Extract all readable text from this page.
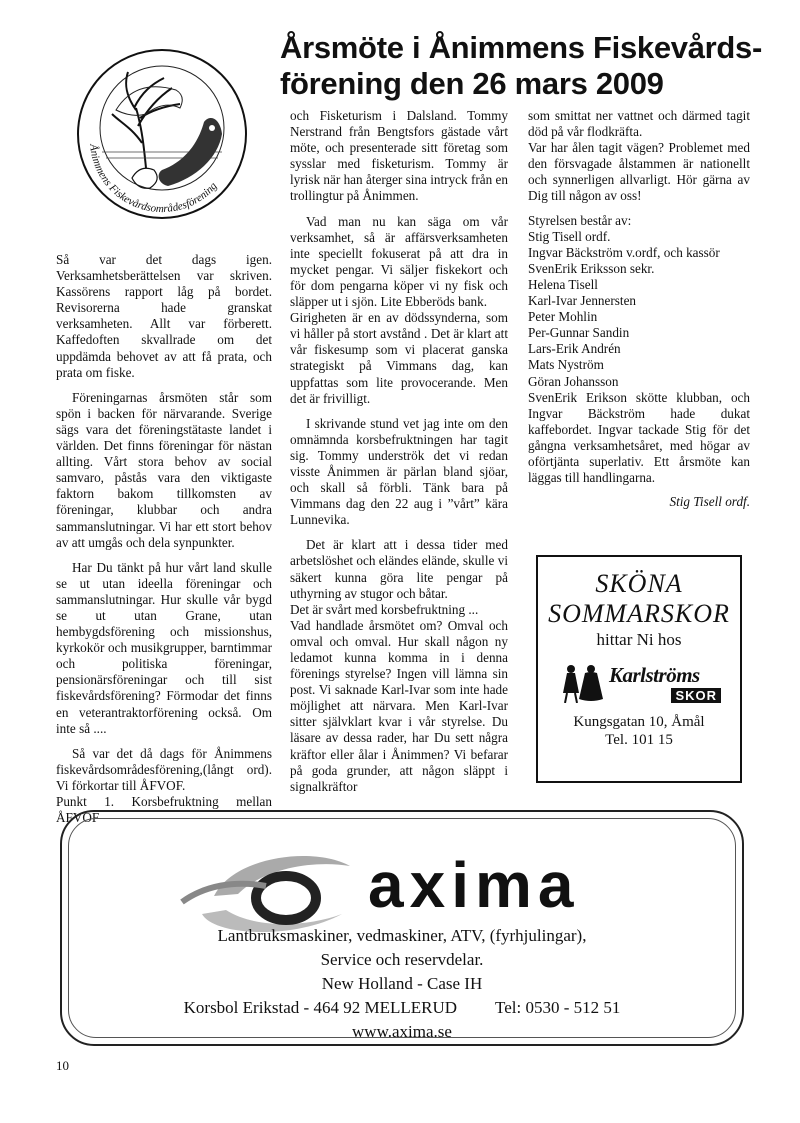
Ånimmens Fiskevårdsområdesförening
Årsmöte i Ånimmens Fiskevårds-
förening den 26 mars 2009

Så var det dags igen. Verksamhetsberättelsen var skriven. Kassörens rapport låg på bordet. Revisorerna hade granskat verksamheten. Allt var förberett. Kaffedoften skvallrade om det uppdämda behovet av att få prata, och prata om fiske.

Föreningarnas årsmöten står som spön i backen för närvarande. Sverige sägs vara det föreningstätaste landet i världen. Det finns föreningar för nästan allting. Vårt stora behov av social samvaro, påstås vara den viktigaste faktorn bakom tillkomsten av föreningar, klubbar och andra sammanslutningar. Vi har ett stort behov av att umgås och dela synpunkter.

Har Du tänkt på hur vårt land skulle se ut utan ideella föreningar och sammanslutningar. Hur skulle vår bygd se ut utan Grane, utan hembygdsförening och missionshus, kyrkokör och musikgrupper, barntimmar och politiska föreningar, pensionärsföreningar och till sist fiskevårdsförening? Förmodar det finns en veterantraktorförening också. Om inte så ....

Så var det då dags för Ånimmens fiskevårdsområdesförening,(långt ord). Vi förkortar till ÅFVOF.

Punkt 1. Korsbefruktning mellan ÅFVOF

och Fisketurism i Dalsland. Tommy Nerstrand från Bengtsfors gästade vårt möte, och presenterade sitt företag som sysslar med fisketurism. Tommy är lyrisk när han återger sina intryck från en trollingtur på Ånimmen.

Vad man nu kan säga om vår verksamhet, så är affärsverksamheten inte speciellt fokuserat på att dra in mycket pengar. Vi säljer fiskekort och för dom pengarna köper vi ny fisk och släpper ut i sjön. Lite Ebberöds bank.

Girigheten är en av dödssynderna, som vi håller på stort avstånd . Det är klart att vår fiskesump som vi placerat ganska strategiskt på Vimmans dag, kan uppfattas som lite provocerande. Men det är frivilligt.

I skrivande stund vet jag inte om den omnämnda korsbefruktningen har tagit sig. Tommy underströk det vi redan visste Ånimmen är pärlan bland sjöar, och skall så förbli. Tänk bara på Vimmans dag den 22 aug i ”vårt” kära Lunnevika.

Det är klart att i dessa tider med arbetslöshet och eländes elände, skulle vi säkert kunna göra lite pengar på uthyrning av stugor och båtar.

Det är svårt med korsbefruktning ...

Vad handlade årsmötet om? Omval och omval och omval. Hur skall någon ny ledamot kunna komma in i denna förenings styrelse? Ingen vill lämna sin post. Vi saknade Karl-Ivar som inte hade möjlighet att närvara. Men Karl-Ivar sitter självklart kvar i vår styrelse. Du läsare av dessa rader, har Du sett några kräftor eller ålar i Ånimmen? Vi befarar på goda grunder, att någon släppt i signalkräftor

som smittat ner vattnet och därmed tagit död på vår flodkräfta.

Var har ålen tagit vägen? Problemet med den försvagade ålstammen är nationellt och synnerligen allvarligt. Hör gärna av Dig till någon av oss!

Styrelsen består av:
Stig Tisell ordf.
Ingvar Bäckström v.ordf, och kassör
SvenErik Eriksson sekr.
Helena Tisell
Karl-Ivar Jennersten
Peter Mohlin
Per-Gunnar Sandin
Lars-Erik Andrén
Mats Nyström
Göran Johansson

SvenErik Erikson skötte klubban, och Ingvar Bäckström hade dukat kaffebordet. Ingvar tackade Stig för det gångna verksamhetsåret, med högar av oförtjänta superlativ. Ett årsmöte kan läggas till handlingarna.

Stig Tisell ordf.
SKÖNA
SOMMARSKOR
hittar Ni hos
Karlströms
SKOR
Kungsgatan 10, Åmål
Tel. 101 15
axima
Lantbruksmaskiner, vedmaskiner, ATV, (fyrhjulingar),
Service och reservdelar.
New Holland - Case IH
Korsbol Erikstad - 464 92 MELLERUD Tel: 0530 - 512 51
www.axima.se
10
